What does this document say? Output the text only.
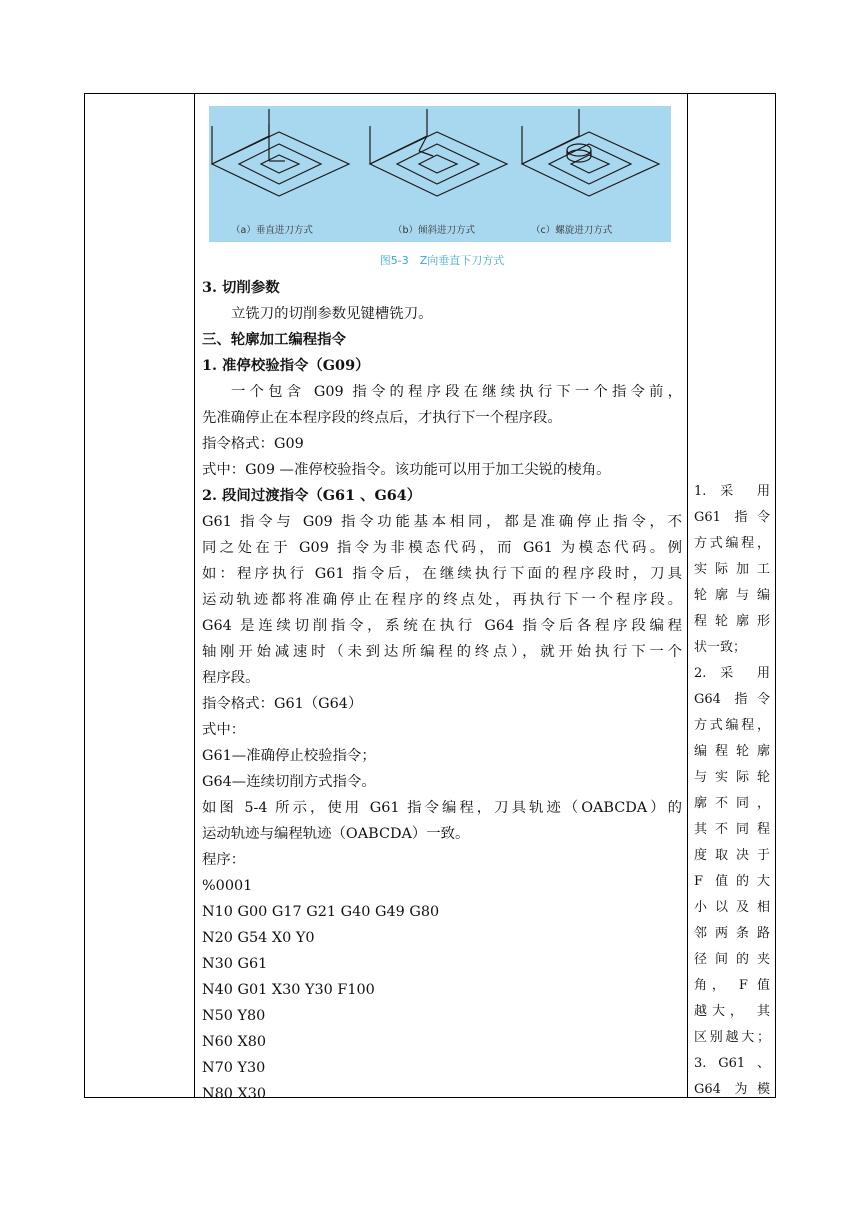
（a）垂直进刀方式	（b）倾斜进刀方式	（c）螺旋进刀方式
图5-3　Z向垂直下刀方式
3. 切削参数
立铣刀的切削参数见键槽铣刀。
三、轮廓加工编程指令
1. 准停校验指令（G09）
一个包含 G09 指令的程序段在继续执行下一个指令前，
先准确停止在本程序段的终点后，才执行下一个程序段。
指令格式：G09
式中：G09 —准停校验指令。该功能可以用于加工尖锐的棱角。
2. 段间过渡指令（G61 、G64）
G61 指令与 G09 指令功能基本相同，都是准确停止指令，不
同之处在于 G09 指令为非模态代码，而 G61 为模态代码。例
如：程序执行 G61 指令后，在继续执行下面的程序段时，刀具
运动轨迹都将准确停止在程序的终点处，再执行下一个程序段。
G64 是连续切削指令，系统在执行 G64 指令后各程序段编程
轴刚开始减速时（未到达所编程的终点），就开始执行下一个
程序段。
指令格式：G61（G64）
式中：
G61—准确停止校验指令；
G64—连续切削方式指令。
如图 5-4 所示，使用 G61 指令编程，刀具轨迹（OABCDA）的
运动轨迹与编程轨迹（OABCDA）一致。
程序：
%0001
N10 G00 G17 G21 G40 G49 G80
N20 G54 X0 Y0
N30 G61
N40 G01 X30 Y30 F100
N50 Y80
N60 X80
N70 Y30
N80 X30
1. 采 用
G61 指令
方式编程，
实际加工
轮廓与编
程轮廓形
状一致；
2. 采 用
G64 指令
方式编程，
编程轮廓
与实际轮
廓不同，
其不同程
度取决于
F 值的大
小以及相
邻两条路
径间的夹
角， F 值
越大， 其
区别越大；
3. G61 、
G64 为模
